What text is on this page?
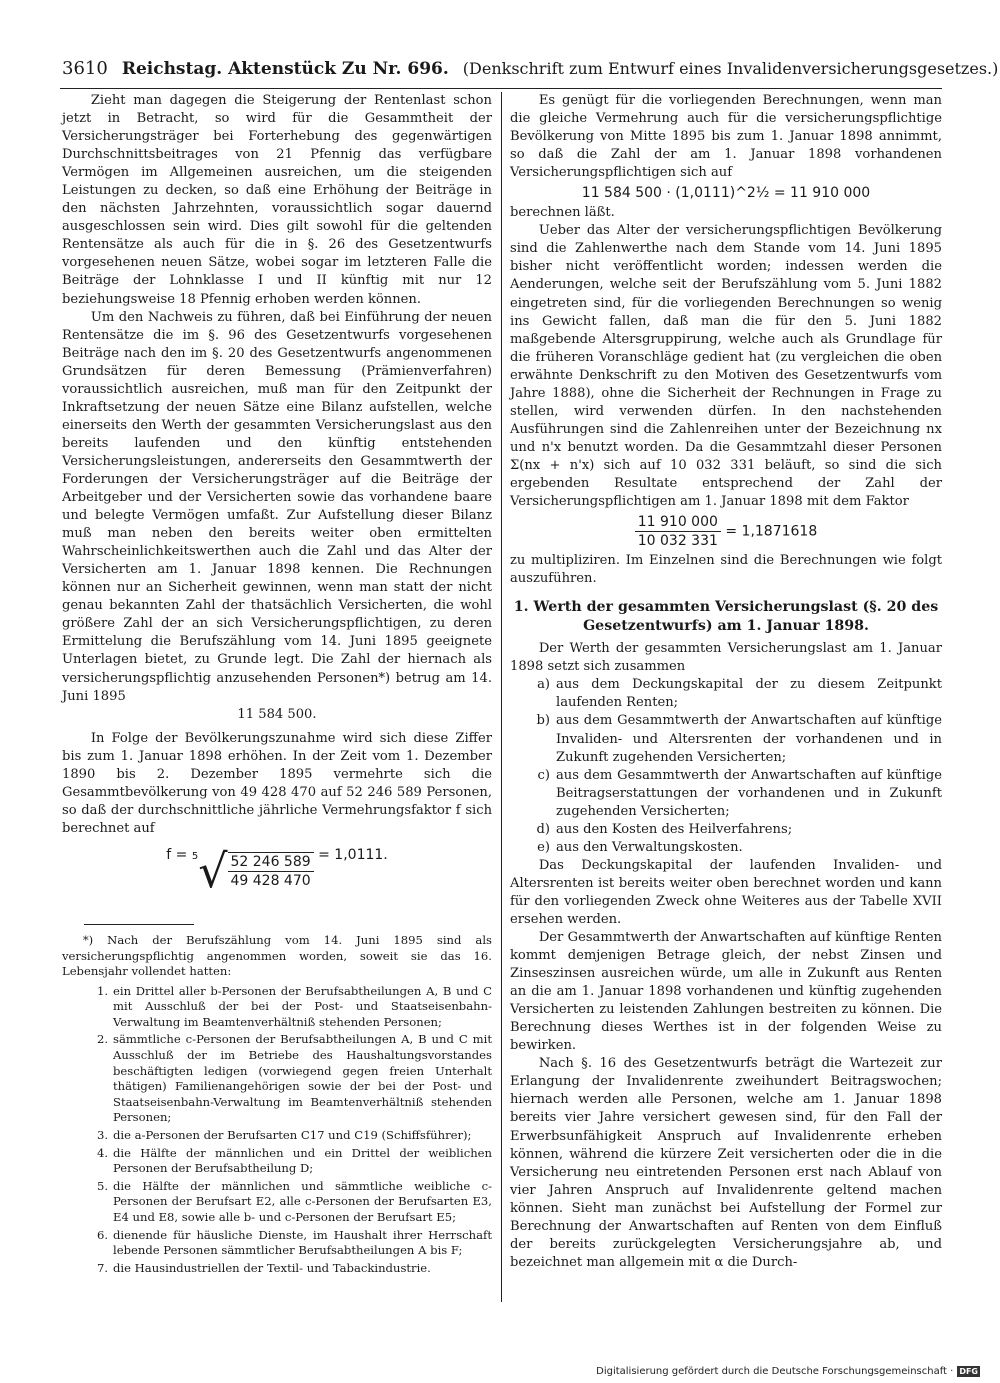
3610 Reichstag. Aktenstück Zu Nr. 696. (Denkschrift zum Entwurf eines Invalidenversicherungsgesetzes.)

Zieht man dagegen die Steigerung der Rentenlast schon jetzt in Betracht, so wird für die Gesammtheit der Versicherungsträger bei Forterhebung des gegenwärtigen Durchschnittsbeitrages von 21 Pfennig das verfügbare Vermögen im Allgemeinen ausreichen, um die steigenden Leistungen zu decken, so daß eine Erhöhung der Beiträge in den nächsten Jahrzehnten, voraussichtlich sogar dauernd ausgeschlossen sein wird. Dies gilt sowohl für die geltenden Rentensätze als auch für die in §. 26 des Gesetzentwurfs vorgesehenen neuen Sätze, wobei sogar im letzteren Falle die Beiträge der Lohnklasse I und II künftig mit nur 12 beziehungsweise 18 Pfennig erhoben werden können.

Um den Nachweis zu führen, daß bei Einführung der neuen Rentensätze die im §. 96 des Gesetzentwurfs vorgesehenen Beiträge nach den im §. 20 des Gesetzentwurfs angenommenen Grundsätzen für deren Bemessung (Prämienverfahren) voraussichtlich ausreichen, muß man für den Zeitpunkt der Inkraftsetzung der neuen Sätze eine Bilanz aufstellen, welche einerseits den Werth der gesammten Versicherungslast aus den bereits laufenden und den künftig entstehenden Versicherungsleistungen, andererseits den Gesammtwerth der Forderungen der Versicherungsträger auf die Beiträge der Arbeitgeber und der Versicherten sowie das vorhandene baare und belegte Vermögen umfaßt. Zur Aufstellung dieser Bilanz muß man neben den bereits weiter oben ermittelten Wahrscheinlichkeitswerthen auch die Zahl und das Alter der Versicherten am 1. Januar 1898 kennen. Die Rechnungen können nur an Sicherheit gewinnen, wenn man statt der nicht genau bekannten Zahl der thatsächlich Versicherten, die wohl größere Zahl der an sich Versicherungspflichtigen, zu deren Ermittelung die Berufszählung vom 14. Juni 1895 geeignete Unterlagen bietet, zu Grunde legt. Die Zahl der hiernach als versicherungspflichtig anzusehenden Personen*) betrug am 14. Juni 1895

11 584 500.

In Folge der Bevölkerungszunahme wird sich diese Ziffer bis zum 1. Januar 1898 erhöhen. In der Zeit vom 1. Dezember 1890 bis 2. Dezember 1895 vermehrte sich die Gesammtbevölkerung von 49 428 470 auf 52 246 589 Personen, so daß der durchschnittliche jährliche Vermehrungsfaktor f sich berechnet auf

f = 5 √ $\frac{52 246 589}{49 428 470} = 1,0111$.

*) Nach der Berufszählung vom 14. Juni 1895 sind als versicherungspflichtig angenommen worden, soweit sie das 16. Lebensjahr vollendet hatten:

1. ein Drittel aller b-Personen der Berufsabtheilungen A, B und C mit Ausschluß der bei der Post- und Staatseisenbahn-Verwaltung im Beamtenverhältniß stehenden Personen;
2. sämmtliche c-Personen der Berufsabtheilungen A, B und C mit Ausschluß der im Betriebe des Haushaltungsvorstandes beschäftigten ledigen (vorwiegend gegen freien Unterhalt thätigen) Familienangehörigen sowie der bei der Post- und Staatseisenbahn-Verwaltung im Beamtenverhältniß stehenden Personen;
3. die a-Personen der Berufsarten C17 und C19 (Schiffsführer);
4. die Hälfte der männlichen und ein Drittel der weiblichen Personen der Berufsabtheilung D;
5. die Hälfte der männlichen und sämmtliche weibliche c-Personen der Berufsart E2, alle c-Personen der Berufsarten E3, E4 und E8, sowie alle b- und c-Personen der Berufsart E5;
6. dienende für häusliche Dienste, im Haushalt ihrer Herrschaft lebende Personen sämmtlicher Berufsabtheilungen A bis F;
7. die Hausindustriellen der Textil- und Tabackindustrie.

Es genügt für die vorliegenden Berechnungen, wenn man die gleiche Vermehrung auch für die versicherungspflichtige Bevölkerung von Mitte 1895 bis zum 1. Januar 1898 annimmt, so daß die Zahl der am 1. Januar 1898 vorhandenen Versicherungspflichtigen sich auf

11 584 500 · (1,0111)^2½ = 11 910 000

berechnen läßt.

Ueber das Alter der versicherungspflichtigen Bevölkerung sind die Zahlenwerthe nach dem Stande vom 14. Juni 1895 bisher nicht veröffentlicht worden; indessen werden die Aenderungen, welche seit der Berufszählung vom 5. Juni 1882 eingetreten sind, für die vorliegenden Berechnungen so wenig ins Gewicht fallen, daß man die für den 5. Juni 1882 maßgebende Altersgruppirung, welche auch als Grundlage für die früheren Voranschläge gedient hat (zu vergleichen die oben erwähnte Denkschrift zu den Motiven des Gesetzentwurfs vom Jahre 1888), ohne die Sicherheit der Rechnungen in Frage zu stellen, wird verwenden dürfen. In den nachstehenden Ausführungen sind die Zahlenreihen unter der Bezeichnung nx und n'x benutzt worden. Da die Gesammtzahl dieser Personen Σ(nx + n'x) sich auf 10 032 331 beläuft, so sind die sich ergebenden Resultate entsprechend der Zahl der Versicherungspflichtigen am 1. Januar 1898 mit dem Faktor

$\frac{11 910 000}{10 032 331} = 1,1871618$

zu multipliziren. Im Einzelnen sind die Berechnungen wie folgt auszuführen.

1. Werth der gesammten Versicherungslast (§. 20 des Gesetzentwurfs) am 1. Januar 1898.

Der Werth der gesammten Versicherungslast am 1. Januar 1898 setzt sich zusammen

a) aus dem Deckungskapital der zu diesem Zeitpunkt laufenden Renten;
b) aus dem Gesammtwerth der Anwartschaften auf künftige Invaliden- und Altersrenten der vorhandenen und in Zukunft zugehenden Versicherten;
c) aus dem Gesammtwerth der Anwartschaften auf künftige Beitragserstattungen der vorhandenen und in Zukunft zugehenden Versicherten;
d) aus den Kosten des Heilverfahrens;
e) aus den Verwaltungskosten.

Das Deckungskapital der laufenden Invaliden- und Altersrenten ist bereits weiter oben berechnet worden und kann für den vorliegenden Zweck ohne Weiteres aus der Tabelle XVII ersehen werden.

Der Gesammtwerth der Anwartschaften auf künftige Renten kommt demjenigen Betrage gleich, der nebst Zinsen und Zinseszinsen ausreichen würde, um alle in Zukunft aus Renten an die am 1. Januar 1898 vorhandenen und künftig zugehenden Versicherten zu leistenden Zahlungen bestreiten zu können. Die Berechnung dieses Werthes ist in der folgenden Weise zu bewirken.

Nach §. 16 des Gesetzentwurfs beträgt die Wartezeit zur Erlangung der Invalidenrente zweihundert Beitragswochen; hiernach werden alle Personen, welche am 1. Januar 1898 bereits vier Jahre versichert gewesen sind, für den Fall der Erwerbsunfähigkeit Anspruch auf Invalidenrente erheben können, während die kürzere Zeit versicherten oder die in die Versicherung neu eintretenden Personen erst nach Ablauf von vier Jahren Anspruch auf Invalidenrente geltend machen können. Sieht man zunächst bei Aufstellung der Formel zur Berechnung der Anwartschaften auf Renten von dem Einfluß der bereits zurückgelegten Versicherungsjahre ab, und bezeichnet man allgemein mit α die Durch-

Digitalisierung gefördert durch die Deutsche Forschungsgemeinschaft · DFG
